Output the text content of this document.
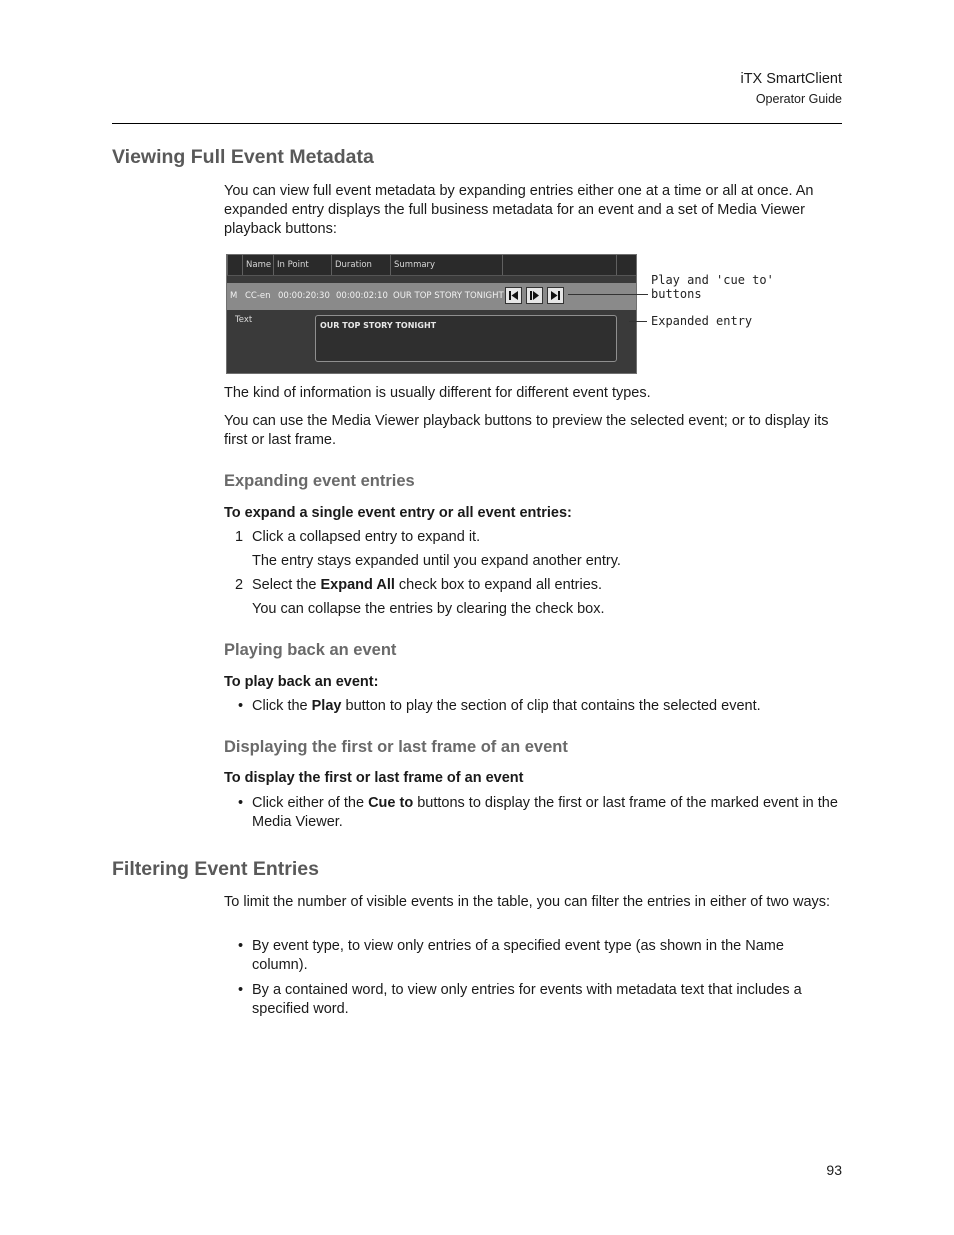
iTX SmartClient
Operator Guide
Viewing Full Event Metadata

You can view full event metadata by expanding entries either one at a time or all at once. An expanded entry displays the full business metadata for an event and a set of Media Viewer playback buttons:

Name In Point	Duration	Summary
M CC-en 00:00:20:30 00:00:02:10 OUR TOP STORY TONIGHT
Text
OUR TOP STORY TONIGHT
Play and 'cue to'
buttons
Expanded entry

The kind of information is usually different for different event types.

You can use the Media Viewer playback buttons to preview the selected event; or to display its first or last frame.

Expanding event entries

To expand a single event entry or all event entries:

1 Click a collapsed entry to expand it.
The entry stays expanded until you expand another entry.
2 Select the Expand All check box to expand all entries.
You can collapse the entries by clearing the check box.
Playing back an event

To play back an event:

• Click the Play button to play the section of clip that contains the selected event.
Displaying the first or last frame of an event

To display the first or last frame of an event

• Click either of the Cue to buttons to display the first or last frame of the marked event in the Media Viewer.
Filtering Event Entries

To limit the number of visible events in the table, you can filter the entries in either of two ways:

• By event type, to view only entries of a specified event type (as shown in the Name column).
• By a contained word, to view only entries for events with metadata text that includes a specified word.
93
